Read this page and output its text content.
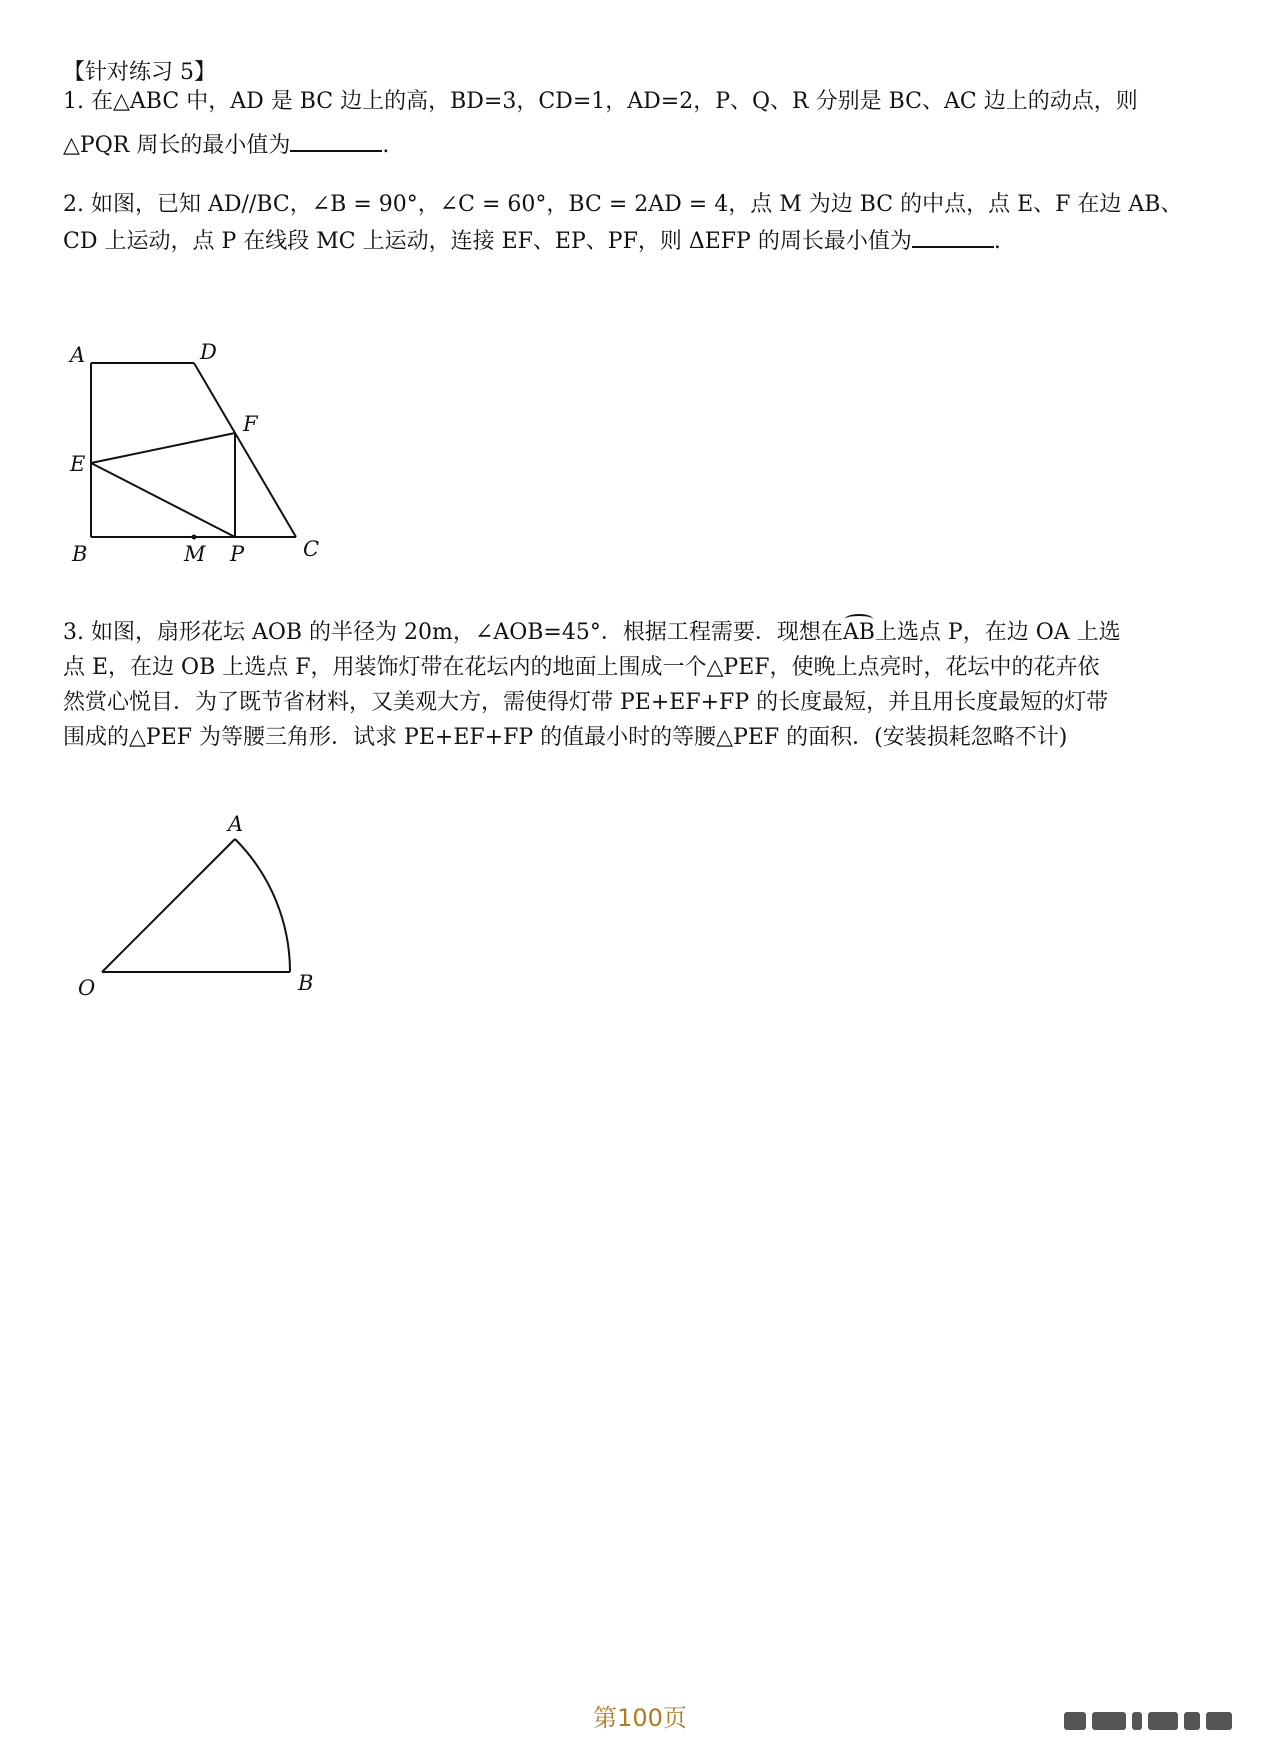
【针对练习 5】
1. 在△ABC 中，AD 是 BC 边上的高，BD=3，CD=1，AD=2，P、Q、R 分别是 BC、AC 边上的动点，则
△PQR 周长的最小值为	.
2. 如图，已知 AD//BC，∠B = 90°，∠C = 60°，BC = 2AD = 4，点 M 为边 BC 的中点，点 E、F 在边 AB、
CD 上运动，点 P 在线段 MC 上运动，连接 EF、EP、PF，则 ΔEFP 的周长最小值为	.
A	D
F
E
B	M P	C
3. 如图，扇形花坛 AOB 的半径为 20m，∠AOB=45°．根据工程需要．现想在AB上选点 P，在边 OA 上选
点 E，在边 OB 上选点 F，用装饰灯带在花坛内的地面上围成一个△PEF，使晚上点亮时，花坛中的花卉依
然赏心悦目．为了既节省材料，又美观大方，需使得灯带 PE+EF+FP 的长度最短，并且用长度最短的灯带
围成的△PEF 为等腰三角形．试求 PE+EF+FP 的值最小时的等腰△PEF 的面积．(安装损耗忽略不计)
A
O	B
第100页
